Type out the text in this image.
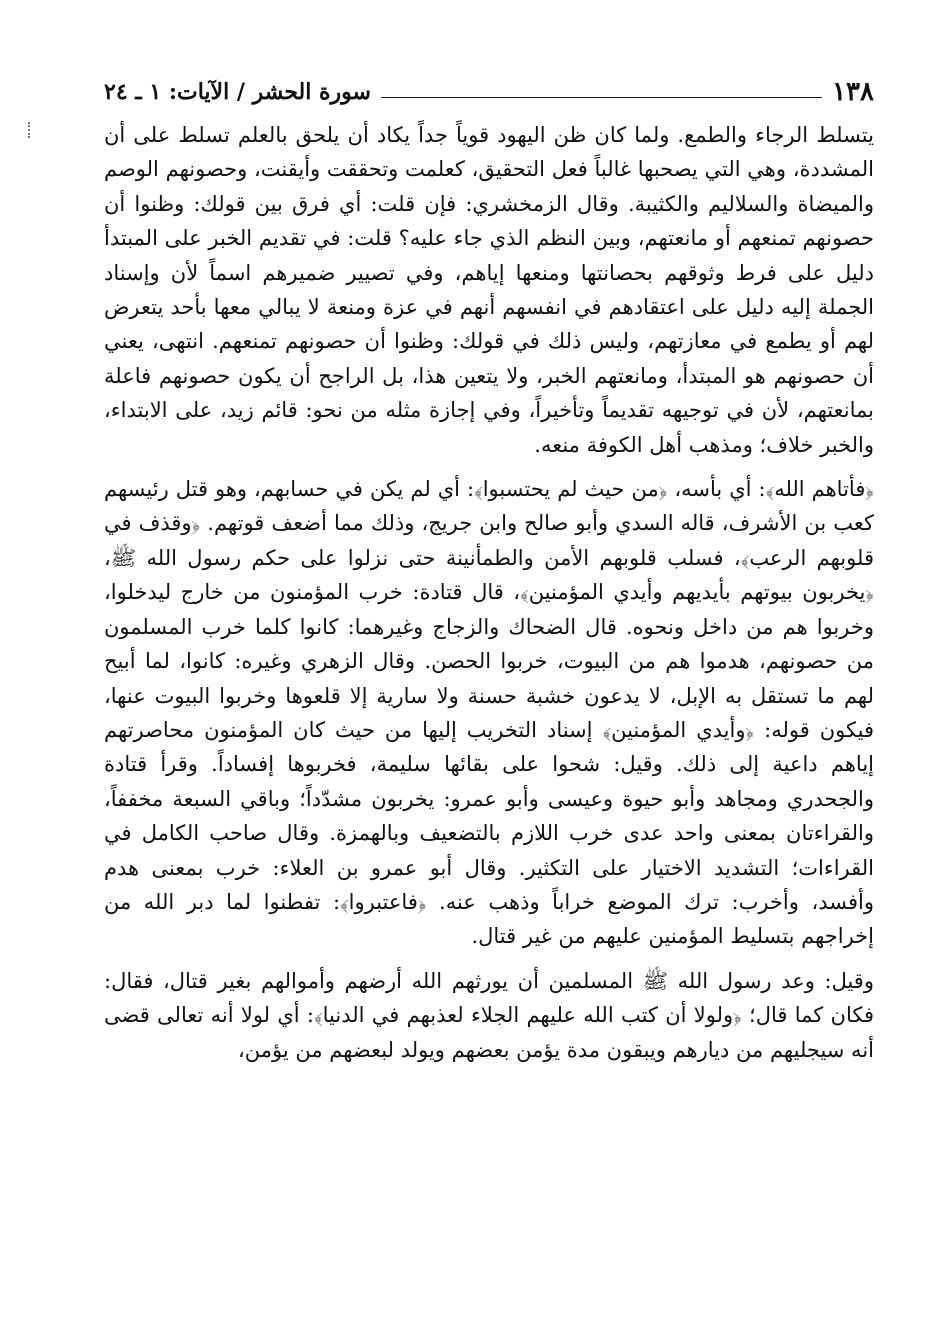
١٣٨
سورة الحشر / الآيات: ١ ـ ٢٤

يتسلط الرجاء والطمع. ولما كان ظن اليهود قوياً جداً يكاد أن يلحق بالعلم تسلط على أن المشددة، وهي التي يصحبها غالباً فعل التحقيق، كعلمت وتحققت وأيقنت، وحصونهم الوصم والميضاة والسلاليم والكثيبة. وقال الزمخشري: فإن قلت: أي فرق بين قولك: وظنوا أن حصونهم تمنعهم أو مانعتهم، وبين النظم الذي جاء عليه؟ قلت: في تقديم الخبر على المبتدأ دليل على فرط وثوقهم بحصانتها ومنعها إياهم، وفي تصيير ضميرهم اسماً لأن وإسناد الجملة إليه دليل على اعتقادهم في انفسهم أنهم في عزة ومنعة لا يبالي معها بأحد يتعرض لهم أو يطمع في معازتهم، وليس ذلك في قولك: وظنوا أن حصونهم تمنعهم. انتهى، يعني أن حصونهم هو المبتدأ، ومانعتهم الخبر، ولا يتعين هذا، بل الراجح أن يكون حصونهم فاعلة بمانعتهم، لأن في توجيهه تقديماً وتأخيراً، وفي إجازة مثله من نحو: قائم زيد، على الابتداء، والخبر خلاف؛ ومذهب أهل الكوفة منعه.

﴿فأتاهم الله﴾: أي بأسه، ﴿من حيث لم يحتسبوا﴾: أي لم يكن في حسابهم، وهو قتل رئيسهم كعب بن الأشرف، قاله السدي وأبو صالح وابن جريج، وذلك مما أضعف قوتهم. ﴿وقذف في قلوبهم الرعب﴾، فسلب قلوبهم الأمن والطمأنينة حتى نزلوا على حكم رسول الله ﷺ، ﴿يخربون بيوتهم بأيديهم وأيدي المؤمنين﴾، قال قتادة: خرب المؤمنون من خارج ليدخلوا، وخربوا هم من داخل ونحوه. قال الضحاك والزجاج وغيرهما: كانوا كلما خرب المسلمون من حصونهم، هدموا هم من البيوت، خربوا الحصن. وقال الزهري وغيره: كانوا، لما أبيح لهم ما تستقل به الإبل، لا يدعون خشبة حسنة ولا سارية إلا قلعوها وخربوا البيوت عنها، فيكون قوله: ﴿وأيدي المؤمنين﴾ إسناد التخريب إليها من حيث كان المؤمنون محاصرتهم إياهم داعية إلى ذلك. وقيل: شحوا على بقائها سليمة، فخربوها إفساداً. وقرأ قتادة والجحدري ومجاهد وأبو حيوة وعيسى وأبو عمرو: يخربون مشدّداً؛ وباقي السبعة مخففاً، والقراءتان بمعنى واحد عدى خرب اللازم بالتضعيف وبالهمزة. وقال صاحب الكامل في القراءات؛ التشديد الاختيار على التكثير. وقال أبو عمرو بن العلاء: خرب بمعنى هدم وأفسد، وأخرب: ترك الموضع خراباً وذهب عنه. ﴿فاعتبروا﴾: تفطنوا لما دبر الله من إخراجهم بتسليط المؤمنين عليهم من غير قتال.

وقيل: وعد رسول الله ﷺ المسلمين أن يورثهم الله أرضهم وأموالهم بغير قتال، فقال: فكان كما قال؛ ﴿ولولا أن كتب الله عليهم الجلاء لعذبهم في الدنيا﴾: أي لولا أنه تعالى قضى أنه سيجليهم من ديارهم ويبقون مدة يؤمن بعضهم ويولد لبعضهم من يؤمن،
